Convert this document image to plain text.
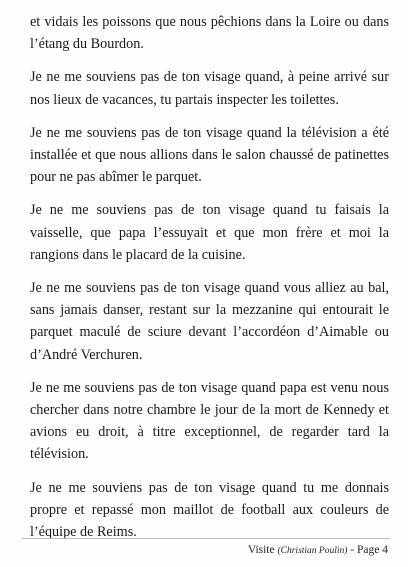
et vidais les poissons que nous pêchions dans la Loire ou dans l’étang du Bourdon.

Je ne me souviens pas de ton visage quand, à peine arrivé sur nos lieux de vacances, tu partais inspecter les toilettes.

Je ne me souviens pas de ton visage quand la télévision a été installée et que nous allions dans le salon chaussé de patinettes pour ne pas abîmer le parquet.

Je ne me souviens pas de ton visage quand tu faisais la vaisselle, que papa l’essuyait et que mon frère et moi la rangions dans le placard de la cuisine.

Je ne me souviens pas de ton visage quand vous alliez au bal, sans jamais danser, restant sur la mezzanine qui entourait le parquet maculé de sciure devant l’accordéon d’Aimable ou d’André Verchuren.

Je ne me souviens pas de ton visage quand papa est venu nous chercher dans notre chambre le jour de la mort de Kennedy et avions eu droit, à titre exceptionnel, de regarder tard la télévision.

Je ne me souviens pas de ton visage quand tu me donnais propre et repassé mon maillot de football aux couleurs de l’équipe de Reims.

Visite (Christian Poulin) - Page 4
